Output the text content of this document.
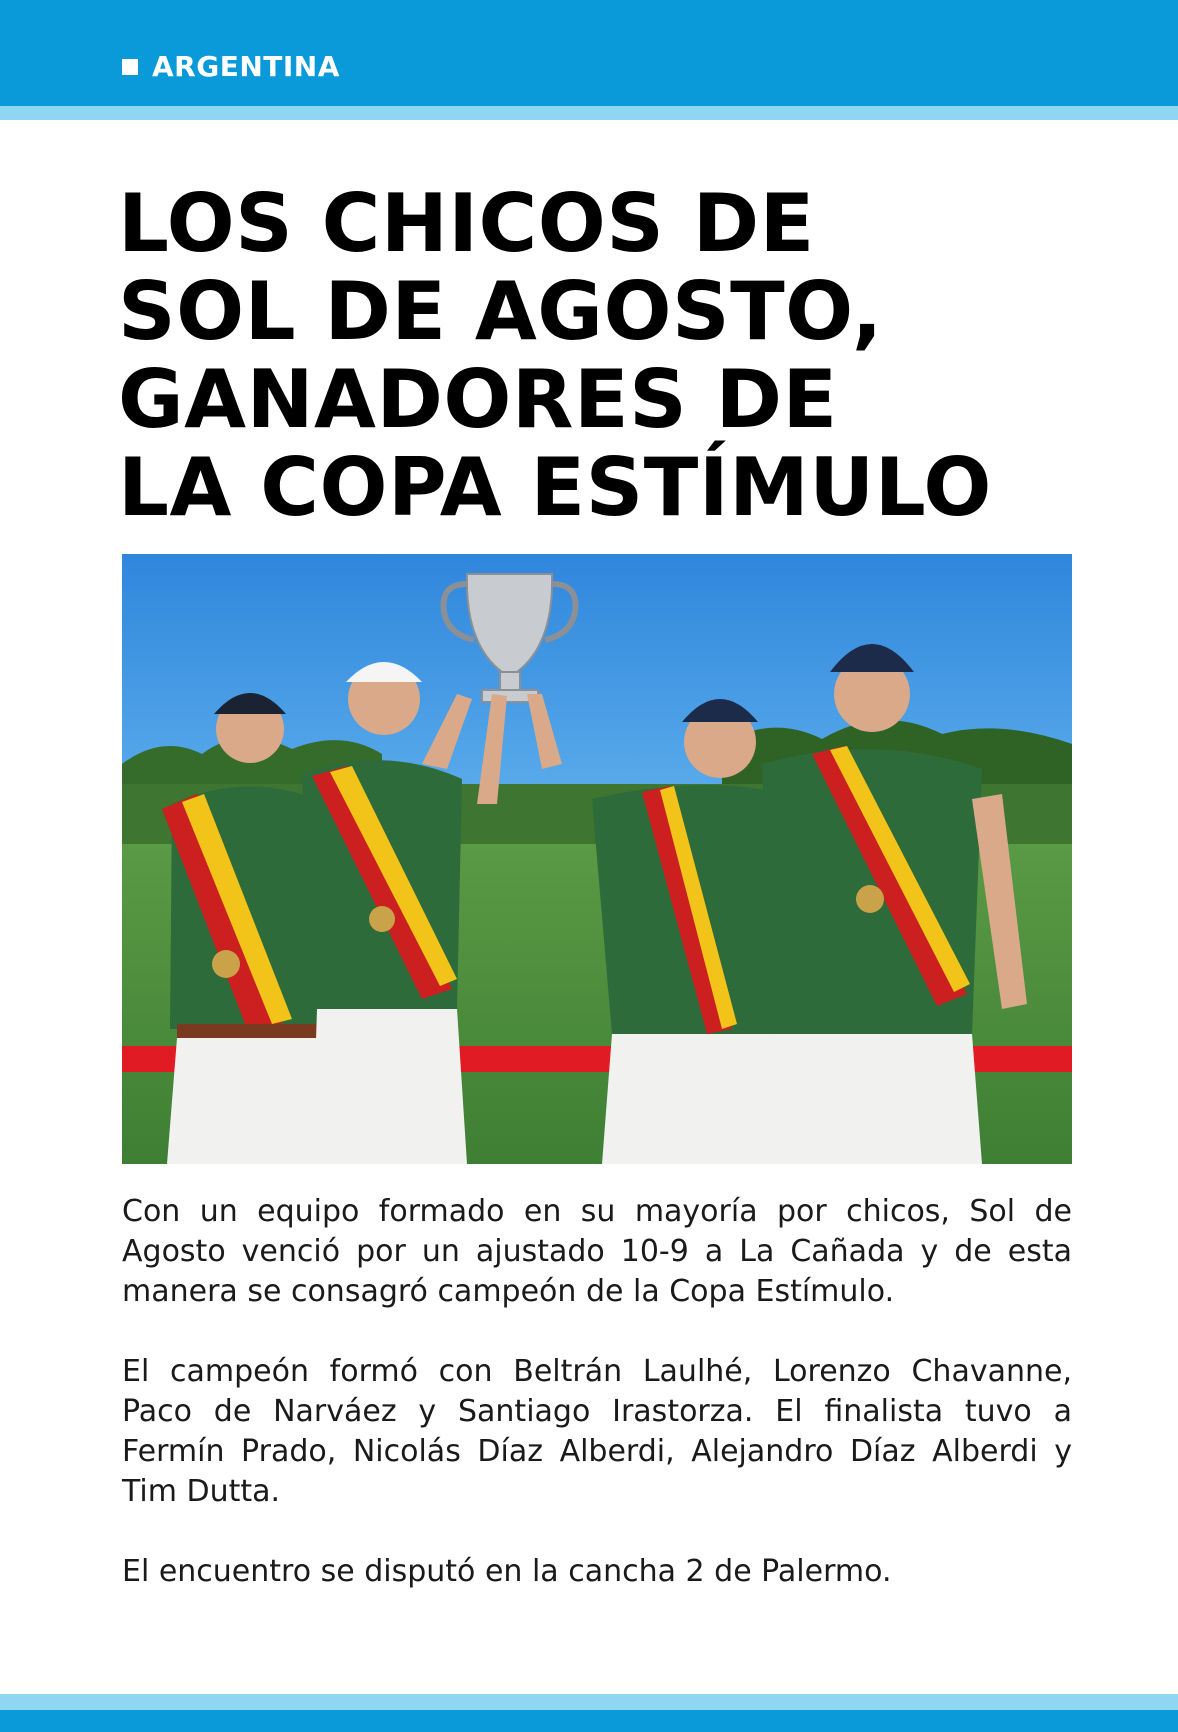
ARGENTINA
LOS CHICOS DE
SOL DE AGOSTO,
GANADORES DE
LA COPA ESTÍMULO

Con un equipo formado en su mayoría por chicos, Sol de Agosto venció por un ajustado 10-9 a La Cañada y de esta manera se consagró campeón de la Copa Estímulo.

El campeón formó con Beltrán Laulhé, Lorenzo Chavanne, Paco de Narváez y Santiago Irastorza. El finalista tuvo a Fermín Prado, Nicolás Díaz Alberdi, Alejandro Díaz Alberdi y Tim Dutta.

El encuentro se disputó en la cancha 2 de Palermo.
